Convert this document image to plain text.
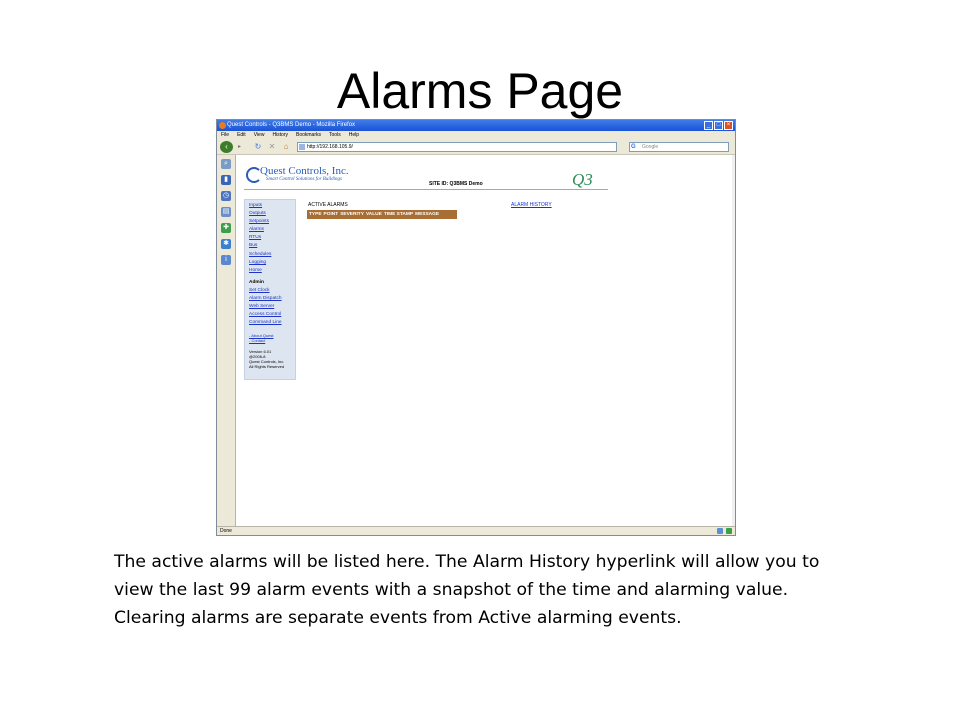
Alarms Page
Quest Controls - Q3BMS Demo - Mozilla Firefox	_	□	×
File Edit View History Bookmarks Tools Help
‹	▸	↻ ✕	⌂	http://192.168.105.9/	G Google
⌕
▮
◷
▤
✚
✱
i
Quest Controls, Inc.
Smart Control Solutions for Buildings
SITE ID: Q3BMS Demo	Q3
Inputs
Outputs
Setpoints
Alarms
RTUs
Bus
Schedules
Logging
Home
Admin
Set Clock
Alarm Dispatch
Web Server
Access Control
Command Line
- About Quest
- Contact
Version 6.01
@2006-8
Quest Controls, Inc.
All Rights Reserved
ACTIVE ALARMS	ALARM HISTORY
TYPE POINT SEVERITY VALUE TIME STAMP MESSAGE
Done
The active alarms will be listed here. The Alarm History hyperlink will allow you to view the last 99 alarm events with a snapshot of the time and alarming value. Clearing alarms are separate events from Active alarming events.
